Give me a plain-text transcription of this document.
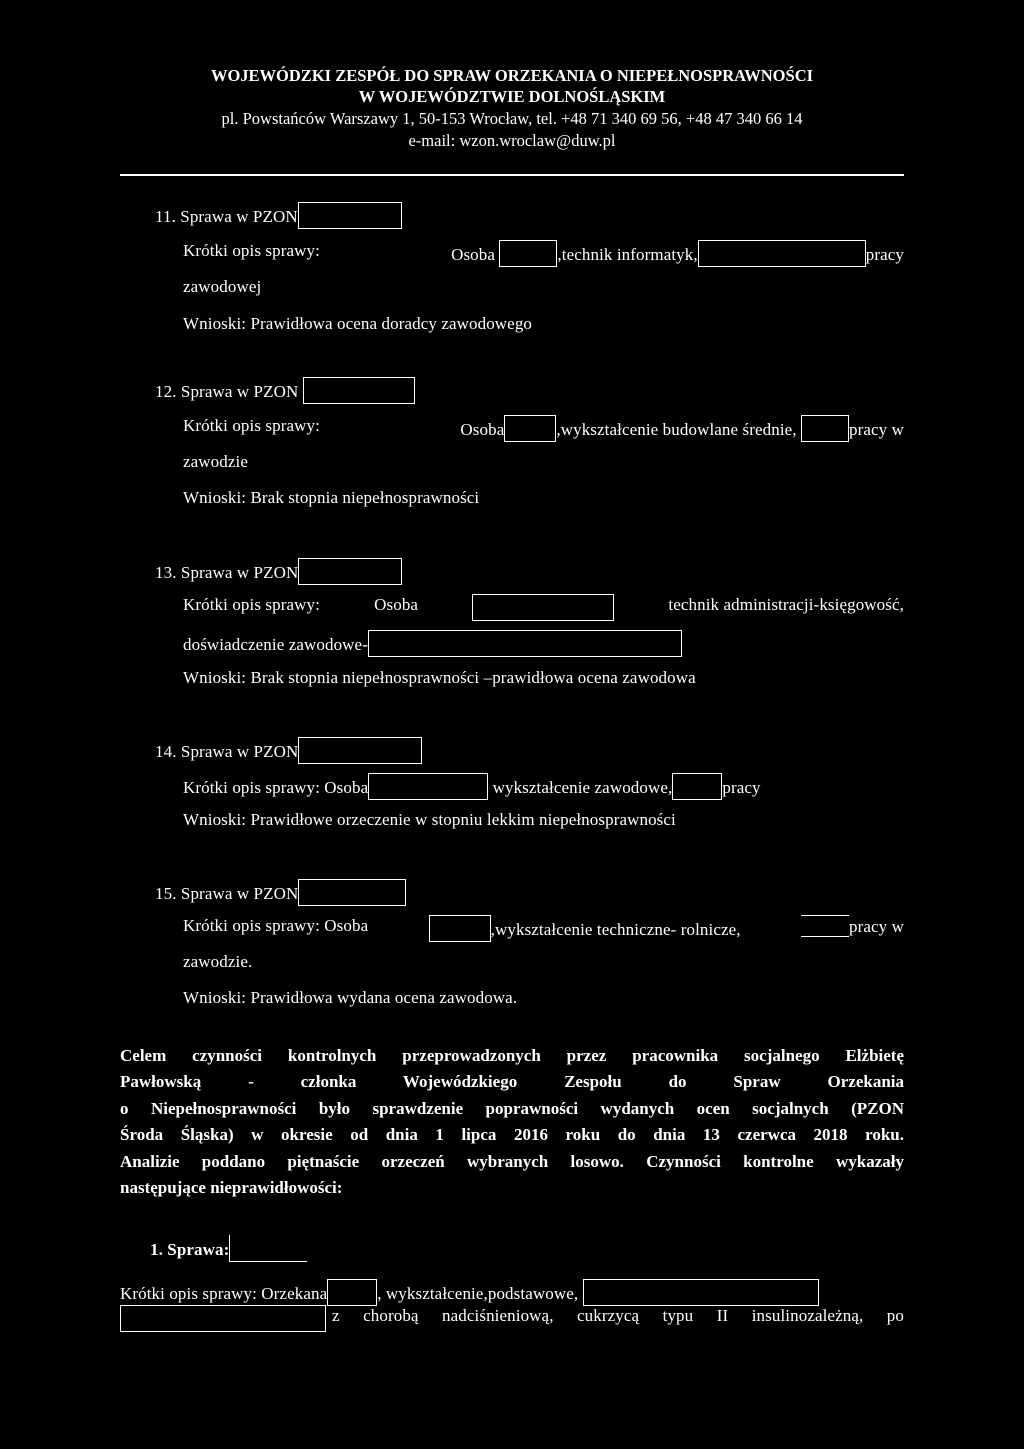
WOJEWÓDZKI ZESPÓŁ DO SPRAW ORZEKANIA O NIEPEŁNOSPRAWNOŚCI
W WOJEWÓDZTWIE DOLNOŚLĄSKIM
pl. Powstańców Warszawy 1, 50-153 Wrocław, tel. +48 71 340 69 56, +48 47 340 66 14
e-mail: wzon.wroclaw@duw.pl
11. Sprawa w PZON
Krótki opis sprawy:	Osoba	,technik informatyk,	pracy
zawodowej
Wnioski: Prawidłowa ocena doradcy zawodowego
12. Sprawa w PZON
Krótki opis sprawy:	Osoba	,wykształcenie budowlane średnie,	pracy w
zawodzie
Wnioski: Brak stopnia niepełnosprawności
13. Sprawa w PZON
Krótki opis sprawy:	Osoba	technik administracji-księgowość,
doświadczenie zawodowe-
Wnioski: Brak stopnia niepełnosprawności –prawidłowa ocena zawodowa
14. Sprawa w PZON
Krótki opis sprawy: Osoba	wykształcenie zawodowe,	pracy
Wnioski: Prawidłowe orzeczenie w stopniu lekkim niepełnosprawności
15. Sprawa w PZON
Krótki opis sprawy: Osoba	,wykształcenie techniczne- rolnicze,	pracy w
zawodzie.
Wnioski: Prawidłowa wydana ocena zawodowa.
Celem czynności kontrolnych przeprowadzonych przez pracownika socjalnego Elżbietę
Pawłowską - członka Wojewódzkiego Zespołu do Spraw Orzekania
o Niepełnosprawności było sprawdzenie poprawności wydanych ocen socjalnych (PZON
Środa Śląska) w okresie od dnia 1 lipca 2016 roku do dnia 13 czerwca 2018 roku.
Analizie poddano piętnaście orzeczeń wybranych losowo. Czynności kontrolne wykazały
następujące nieprawidłowości:
1. Sprawa:
Krótki opis sprawy: Orzekana	, wykształcenie,podstawowe,
z chorobą nadciśnieniową, cukrzycą typu II insulinozależną, po
